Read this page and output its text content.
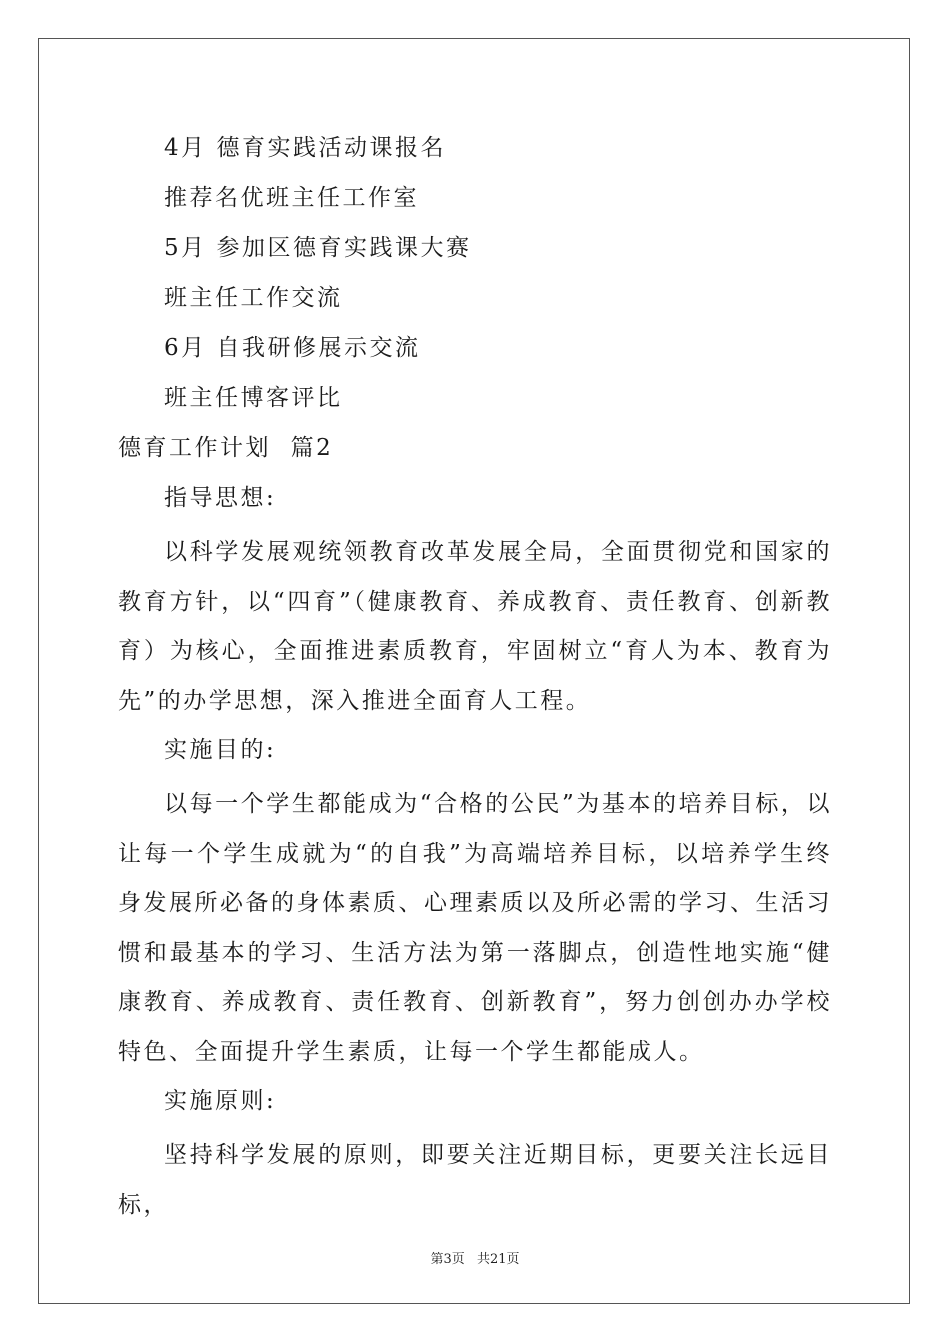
4月 德育实践活动课报名
推荐名优班主任工作室
5月 参加区德育实践课大赛
班主任工作交流
6月 自我研修展示交流
班主任博客评比
德育工作计划  篇2
指导思想:

以科学发展观统领教育改革发展全局，全面贯彻党和国家的教育方针，以“四育”（健康教育、养成教育、责任教育、创新教育）为核心，全面推进素质教育，牢固树立“育人为本、教育为先”的办学思想，深入推进全面育人工程。

实施目的:

以每一个学生都能成为“合格的公民”为基本的培养目标，以让每一个学生成就为“的自我”为高端培养目标，以培养学生终身发展所必备的身体素质、心理素质以及所必需的学习、生活习惯和最基本的学习、生活方法为第一落脚点，创造性地实施“健康教育、养成教育、责任教育、创新教育”，努力创创办办学校特色、全面提升学生素质，让每一个学生都能成人。

实施原则:

坚持科学发展的原则，即要关注近期目标，更要关注长远目标，

第3页 共21页
